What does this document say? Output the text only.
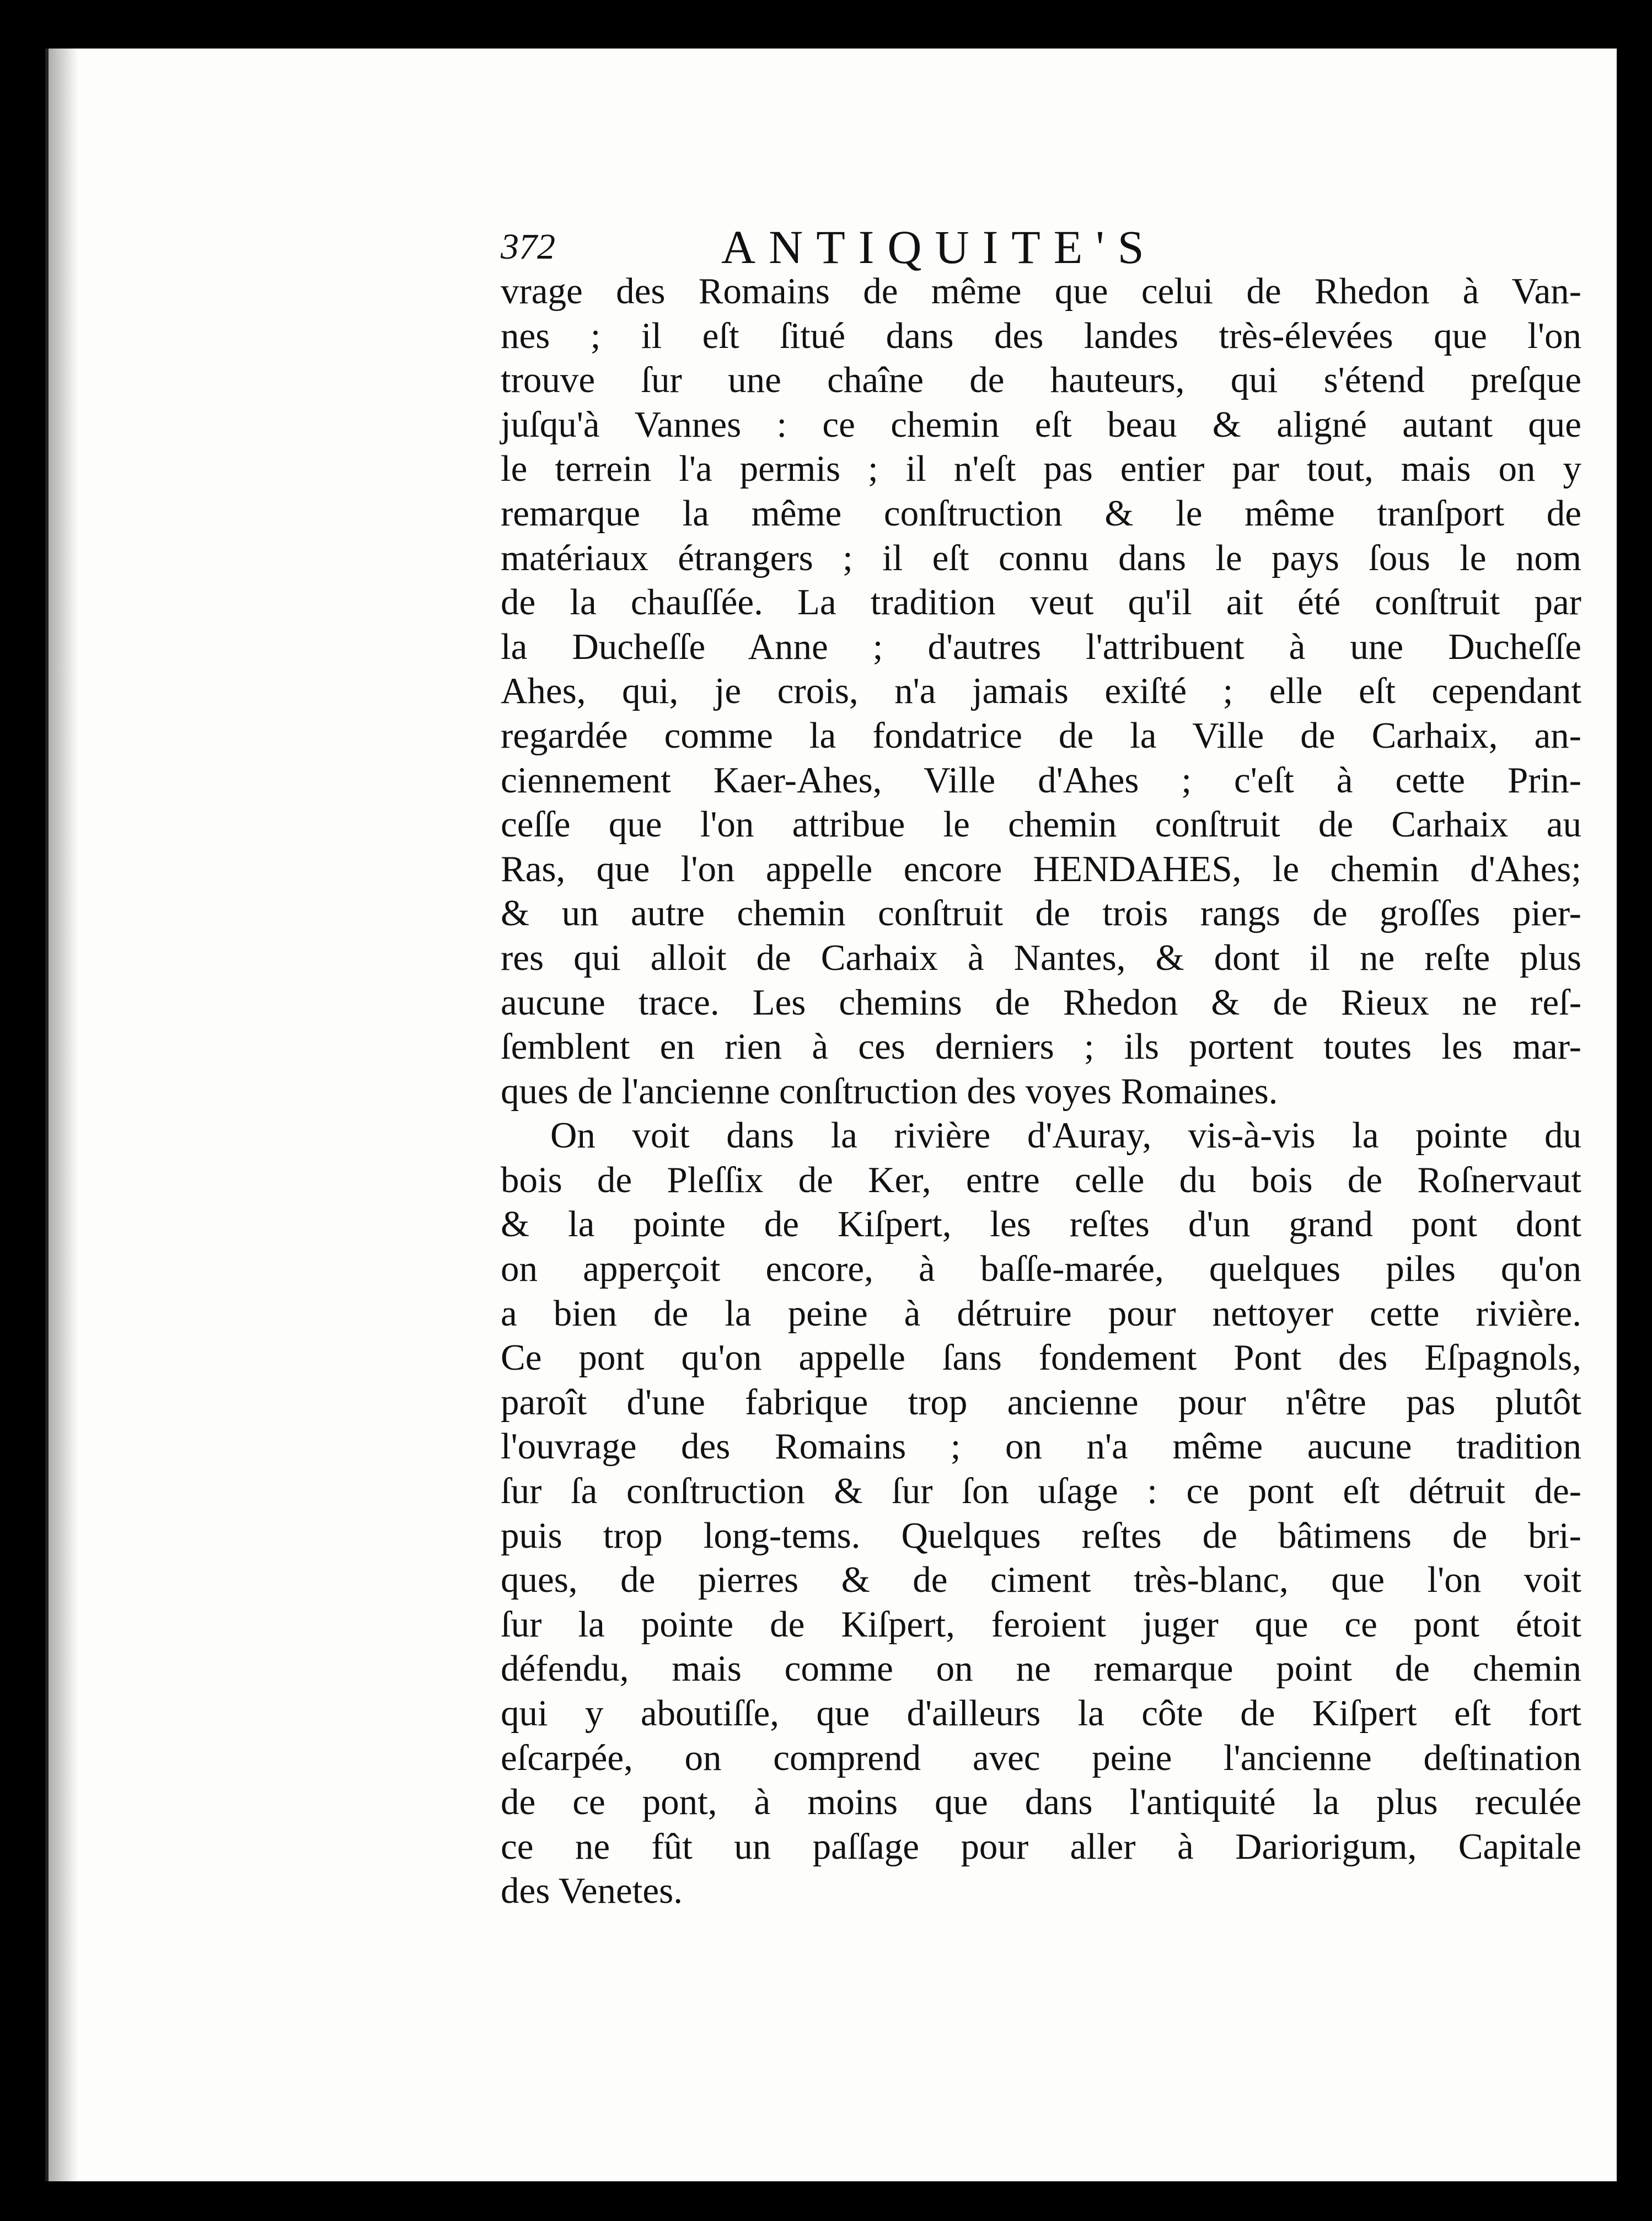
372	ANTIQUITE'S
vrage des Romains de même que celui de Rhedon à Van-
nes ; il eſt ſitué dans des landes très-élevées que l'on
trouve ſur une chaîne de hauteurs, qui s'étend preſque
juſqu'à Vannes : ce chemin eſt beau & aligné autant que
le terrein l'a permis ; il n'eſt pas entier par tout, mais on y
remarque la même conſtruction & le même tranſport de
matériaux étrangers ; il eſt connu dans le pays ſous le nom
de la chauſſée. La tradition veut qu'il ait été conſtruit par
la Ducheſſe Anne ; d'autres l'attribuent à une Ducheſſe
Ahes, qui, je crois, n'a jamais exiſté ; elle eſt cependant
regardée comme la fondatrice de la Ville de Carhaix, an-
ciennement Kaer-Ahes, Ville d'Ahes ; c'eſt à cette Prin-
ceſſe que l'on attribue le chemin conſtruit de Carhaix au
Ras, que l'on appelle encore HENDAHES, le chemin d'Ahes;
& un autre chemin conſtruit de trois rangs de groſſes pier-
res qui alloit de Carhaix à Nantes, & dont il ne reſte plus
aucune trace. Les chemins de Rhedon & de Rieux ne reſ-
ſemblent en rien à ces derniers ; ils portent toutes les mar-
ques de l'ancienne conſtruction des voyes Romaines.
On voit dans la rivière d'Auray, vis-à-vis la pointe du
bois de Pleſſix de Ker, entre celle du bois de Roſnervaut
& la pointe de Kiſpert, les reſtes d'un grand pont dont
on apperçoit encore, à baſſe-marée, quelques piles qu'on
a bien de la peine à détruire pour nettoyer cette rivière.
Ce pont qu'on appelle ſans fondement Pont des Eſpagnols,
paroît d'une fabrique trop ancienne pour n'être pas plutôt
l'ouvrage des Romains ; on n'a même aucune tradition
ſur ſa conſtruction & ſur ſon uſage : ce pont eſt détruit de-
puis trop long-tems. Quelques reſtes de bâtimens de bri-
ques, de pierres & de ciment très-blanc, que l'on voit
ſur la pointe de Kiſpert, feroient juger que ce pont étoit
défendu, mais comme on ne remarque point de chemin
qui y aboutiſſe, que d'ailleurs la côte de Kiſpert eſt fort
eſcarpée, on comprend avec peine l'ancienne deſtination
de ce pont, à moins que dans l'antiquité la plus reculée
ce ne fût un paſſage pour aller à Dariorigum, Capitale
des Venetes.
